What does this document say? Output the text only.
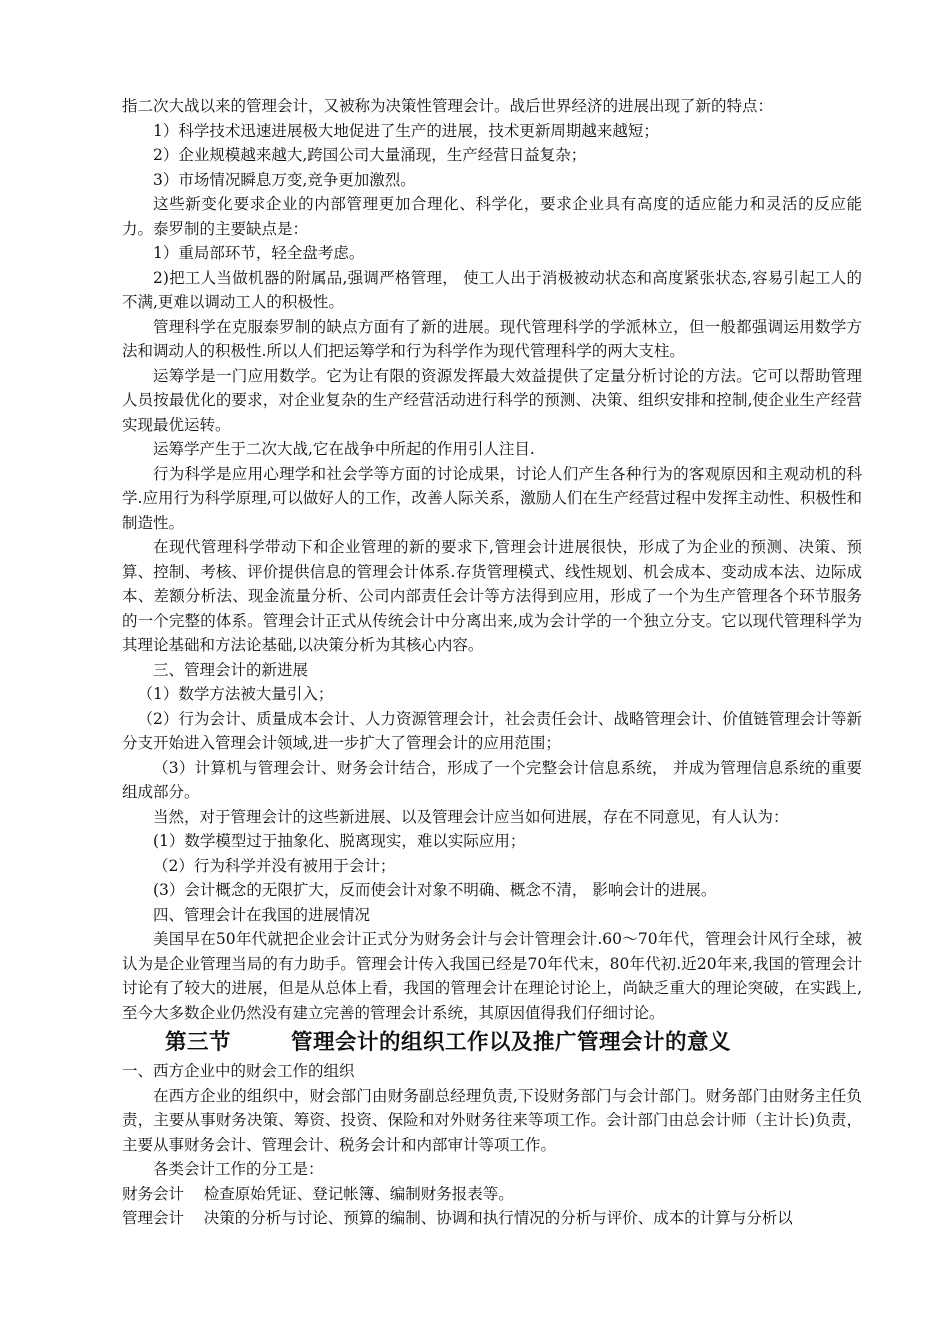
指二次大战以来的管理会计，又被称为决策性管理会计。战后世界经济的进展出现了新的特点：

1）科学技术迅速进展极大地促进了生产的进展，技术更新周期越来越短；

2）企业规模越来越大,跨国公司大量涌现，生产经营日益复杂；

3）市场情况瞬息万变,竞争更加激烈。

这些新变化要求企业的内部管理更加合理化、科学化，要求企业具有高度的适应能力和灵活的反应能力。泰罗制的主要缺点是：

1）重局部环节，轻全盘考虑。

2)把工人当做机器的附属品,强调严格管理， 使工人出于消极被动状态和高度紧张状态,容易引起工人的不满,更难以调动工人的积极性。

管理科学在克服泰罗制的缺点方面有了新的进展。现代管理科学的学派林立，但一般都强调运用数学方法和调动人的积极性.所以人们把运筹学和行为科学作为现代管理科学的两大支柱。

运筹学是一门应用数学。它为让有限的资源发挥最大效益提供了定量分析讨论的方法。它可以帮助管理人员按最优化的要求，对企业复杂的生产经营活动进行科学的预测、决策、组织安排和控制,使企业生产经营实现最优运转。

运筹学产生于二次大战,它在战争中所起的作用引人注目.

行为科学是应用心理学和社会学等方面的讨论成果，讨论人们产生各种行为的客观原因和主观动机的科学.应用行为科学原理,可以做好人的工作，改善人际关系，激励人们在生产经营过程中发挥主动性、积极性和制造性。

在现代管理科学带动下和企业管理的新的要求下,管理会计进展很快，形成了为企业的预测、决策、预算、控制、考核、评价提供信息的管理会计体系.存货管理模式、线性规划、机会成本、变动成本法、边际成本、差额分析法、现金流量分析、公司内部责任会计等方法得到应用，形成了一个为生产管理各个环节服务的一个完整的体系。管理会计正式从传统会计中分离出来,成为会计学的一个独立分支。它以现代管理科学为其理论基础和方法论基础,以决策分析为其核心内容。

三、管理会计的新进展

（1）数学方法被大量引入；

（2）行为会计、质量成本会计、人力资源管理会计，社会责任会计、战略管理会计、价值链管理会计等新分支开始进入管理会计领域,进一步扩大了管理会计的应用范围；

（3）计算机与管理会计、财务会计结合，形成了一个完整会计信息系统， 并成为管理信息系统的重要组成部分。

当然，对于管理会计的这些新进展、以及管理会计应当如何进展，存在不同意见，有人认为：

(1）数学模型过于抽象化、脱离现实，难以实际应用；

（2）行为科学并没有被用于会计；

(3）会计概念的无限扩大，反而使会计对象不明确、概念不清， 影响会计的进展。

四、管理会计在我国的进展情况

美国早在50年代就把企业会计正式分为财务会计与会计管理会计.60～70年代，管理会计风行全球，被认为是企业管理当局的有力助手。管理会计传入我国已经是70年代末，80年代初.近20年来,我国的管理会计讨论有了较大的进展，但是从总体上看，我国的管理会计在理论讨论上，尚缺乏重大的理论突破，在实践上,至今大多数企业仍然没有建立完善的管理会计系统，其原因值得我们仔细讨论。

第三节	管理会计的组织工作以及推广管理会计的意义

一、西方企业中的财会工作的组织

在西方企业的组织中，财会部门由财务副总经理负责,下设财务部门与会计部门。财务部门由财务主任负责，主要从事财务决策、筹资、投资、保险和对外财务往来等项工作。会计部门由总会计师（主计长)负责，主要从事财务会计、管理会计、税务会计和内部审计等项工作。

各类会计工作的分工是：

财务会计    检查原始凭证、登记帐簿、编制财务报表等。

管理会计    决策的分析与讨论、预算的编制、协调和执行情况的分析与评价、成本的计算与分析以
